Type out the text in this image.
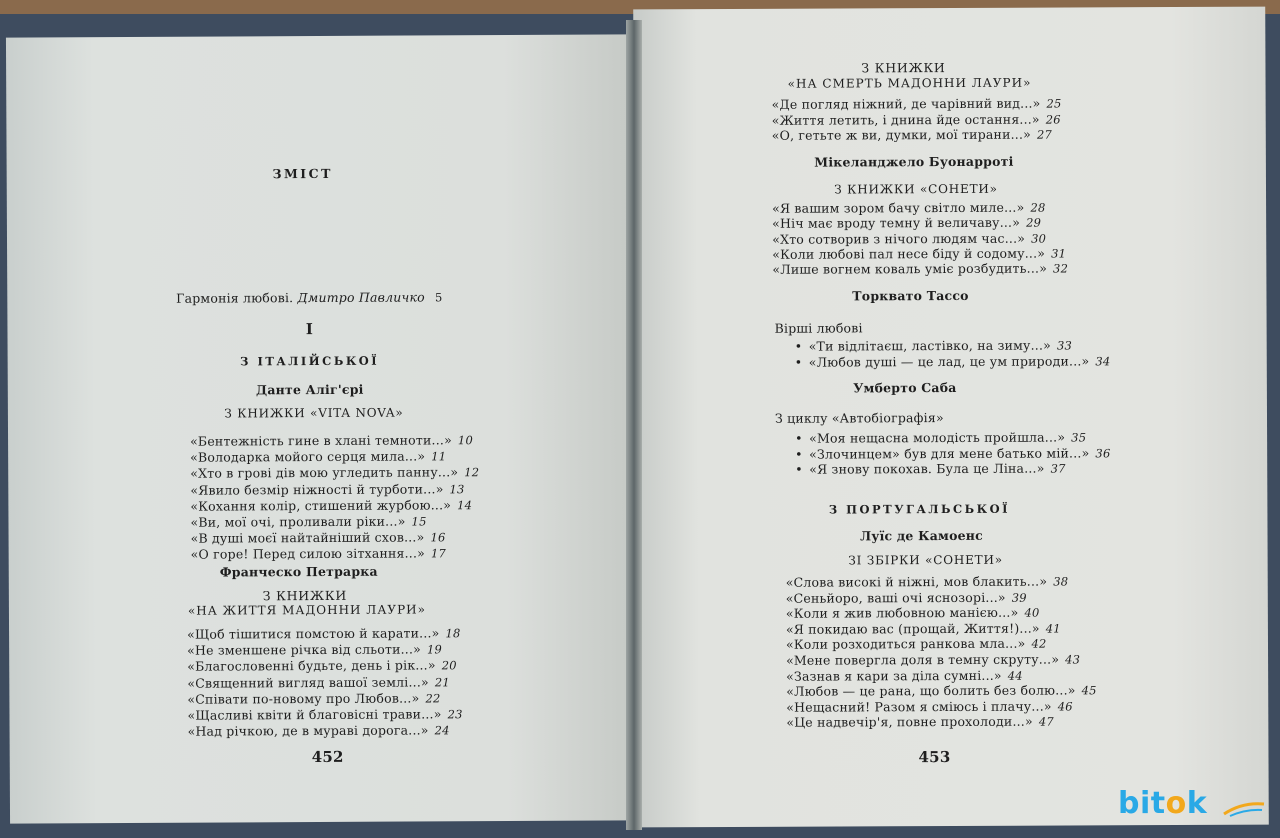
ЗМІСТ
Гармонія любові. Дмитро Павличко 5
I
З ІТАЛІЙСЬКОЇ
Данте Аліг'єрі
З КНИЖКИ «VITA NOVA»
«Бентежність гине в хлані темноти...» 10
«Володарка мойого серця мила...» 11
«Хто в грові дів мою угледить панну...» 12
«Явило безмір ніжності й турботи...» 13
«Кохання колір, стишений журбою...» 14
«Ви, мої очі, проливали ріки...» 15
«В душі моєї найтайніший схов...» 16
«О горе! Перед силою зітхання...» 17
Франческо Петрарка
З КНИЖКИ
«НА ЖИТТЯ МАДОННИ ЛАУРИ»
«Щоб тішитися помстою й карати...» 18
«Не зменшене річка від сльоти...» 19
«Благословенні будьте, день і рік...» 20
«Священний вигляд вашої землі...» 21
«Співати по-новому про Любов...» 22
«Щасливі квіти й благовісні трави...» 23
«Над річкою, де в мураві дорога...» 24
452
З КНИЖКИ
«НА СМЕРТЬ МАДОННИ ЛАУРИ»
«Де погляд ніжний, де чарівний вид...» 25
«Життя летить, і днина йде остання...» 26
«О, гетьте ж ви, думки, мої тирани...» 27
Мікеланджело Буонарроті
З КНИЖКИ «СОНЕТИ»
«Я вашим зором бачу світло миле...» 28
«Ніч має вроду темну й величаву...» 29
«Хто сотворив з нічого людям час...» 30
«Коли любові пал несе біду й содому...» 31
«Лише вогнем коваль уміє розбудить...» 32
Торквато Тассо
Вірші любові
• «Ти відлітаєш, ластівко, на зиму...» 33
• «Любов душі — це лад, це ум природи...» 34
Умберто Саба
З циклу «Автобіографія»
• «Моя нещасна молодість пройшла...» 35
• «Злочинцем» був для мене батько мій...» 36
• «Я знову покохав. Була це Ліна...» 37
З ПОРТУГАЛЬСЬКОЇ
Луїс де Камоенс
ЗІ ЗБІРКИ «СОНЕТИ»
«Слова високі й ніжні, мов блакить...» 38
«Сеньйоро, ваші очі яснозорі...» 39
«Коли я жив любовною манією...» 40
«Я покидаю вас (прощай, Життя!)...» 41
«Коли розходиться ранкова мла...» 42
«Мене повергла доля в темну скруту...» 43
«Зазнав я кари за діла сумні...» 44
«Любов — це рана, що болить без болю...» 45
«Нещасний! Разом я сміюсь і плачу...» 46
«Це надвечір'я, повне прохолоди...» 47
453
bitok
